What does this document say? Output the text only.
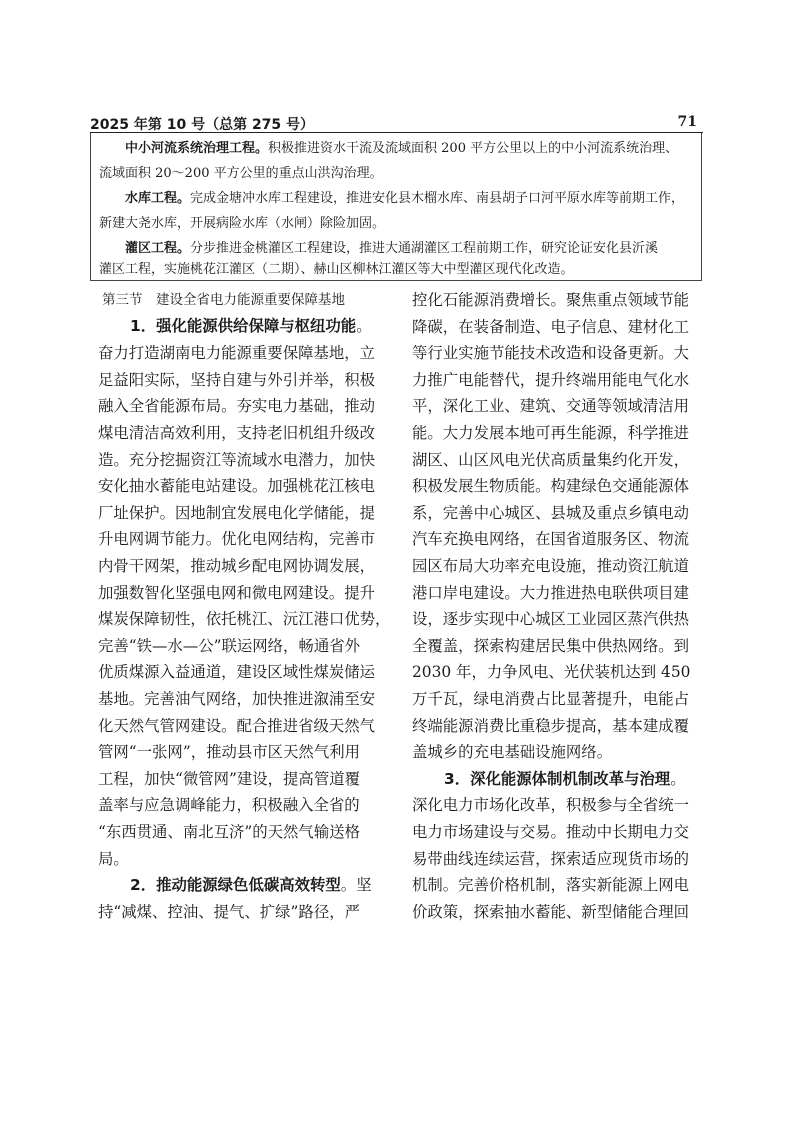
2025 年第 10 号（总第 275 号）	71
中小河流系统治理工程。积极推进资水干流及流域面积 200 平方公里以上的中小河流系统治理、
流域面积 20～200 平方公里的重点山洪沟治理。
水库工程。完成金塘冲水库工程建设，推进安化县木榴水库、南县胡子口河平原水库等前期工作，
新建大尧水库，开展病险水库（水闸）除险加固。
灌区工程。分步推进金桃灌区工程建设，推进大通湖灌区工程前期工作，研究论证安化县沂溪
灌区工程，实施桃花江灌区（二期）、赫山区柳林江灌区等大中型灌区现代化改造。
第三节　建设全省电力能源重要保障基地
1．强化能源供给保障与枢纽功能。
奋力打造湖南电力能源重要保障基地，立
足益阳实际，坚持自建与外引并举，积极
融入全省能源布局。夯实电力基础，推动
煤电清洁高效利用，支持老旧机组升级改
造。充分挖掘资江等流域水电潜力，加快
安化抽水蓄能电站建设。加强桃花江核电
厂址保护。因地制宜发展电化学储能，提
升电网调节能力。优化电网结构，完善市
内骨干网架，推动城乡配电网协调发展，
加强数智化坚强电网和微电网建设。提升
煤炭保障韧性，依托桃江、沅江港口优势，
完善“铁—水—公”联运网络，畅通省外
优质煤源入益通道，建设区域性煤炭储运
基地。完善油气网络，加快推进溆浦至安
化天然气管网建设。配合推进省级天然气
管网“一张网”，推动县市区天然气利用
工程，加快“微管网”建设，提高管道覆
盖率与应急调峰能力，积极融入全省的
“东西贯通、南北互济”的天然气输送格
局。
2．推动能源绿色低碳高效转型。坚
持“减煤、控油、提气、扩绿”路径，严
控化石能源消费增长。聚焦重点领域节能
降碳，在装备制造、电子信息、建材化工
等行业实施节能技术改造和设备更新。大
力推广电能替代，提升终端用能电气化水
平，深化工业、建筑、交通等领域清洁用
能。大力发展本地可再生能源，科学推进
湖区、山区风电光伏高质量集约化开发，
积极发展生物质能。构建绿色交通能源体
系，完善中心城区、县城及重点乡镇电动
汽车充换电网络，在国省道服务区、物流
园区布局大功率充电设施，推动资江航道
港口岸电建设。大力推进热电联供项目建
设，逐步实现中心城区工业园区蒸汽供热
全覆盖，探索构建居民集中供热网络。到
2030 年，力争风电、光伏装机达到 450
万千瓦，绿电消费占比显著提升，电能占
终端能源消费比重稳步提高，基本建成覆
盖城乡的充电基础设施网络。
3．深化能源体制机制改革与治理。
深化电力市场化改革，积极参与全省统一
电力市场建设与交易。推动中长期电力交
易带曲线连续运营，探索适应现货市场的
机制。完善价格机制，落实新能源上网电
价政策，探索抽水蓄能、新型储能合理回
